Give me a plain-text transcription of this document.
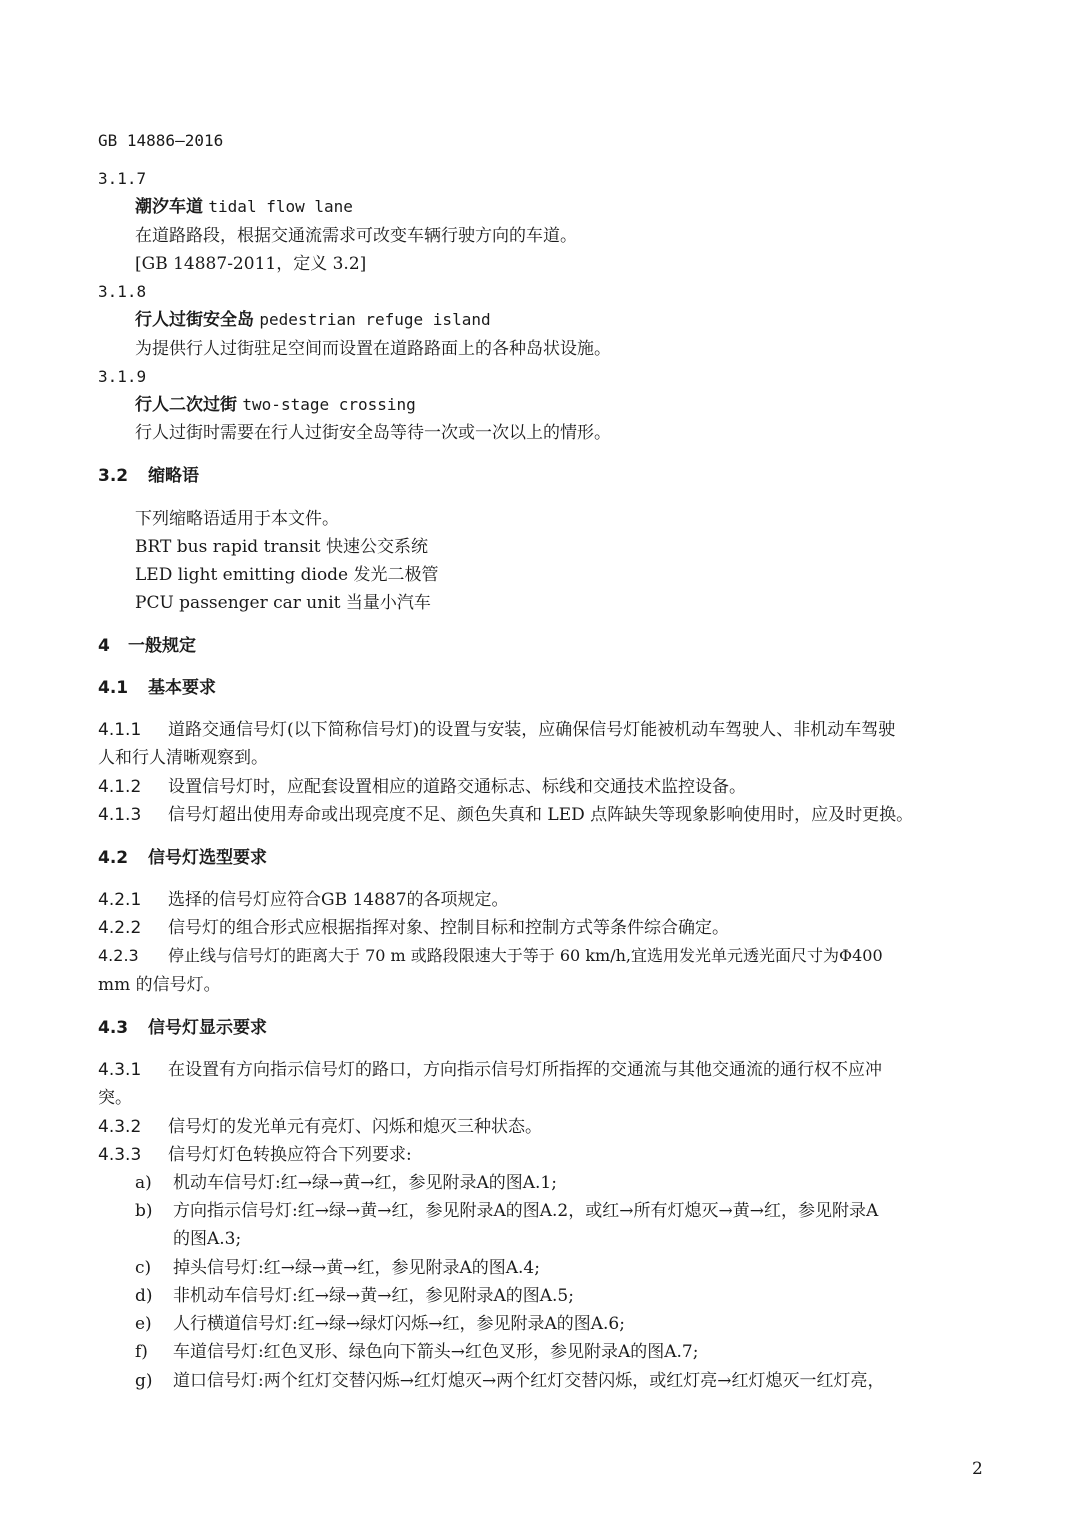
GB 14886—2016
3.1.7
潮汐车道 tidal flow lane
在道路路段，根据交通流需求可改变车辆行驶方向的车道。
[GB 14887-2011，定义 3.2]
3.1.8
行人过街安全岛 pedestrian refuge island
为提供行人过街驻足空间而设置在道路路面上的各种岛状设施。
3.1.9
行人二次过街 two-stage crossing
行人过街时需要在行人过街安全岛等待一次或一次以上的情形。
3.2 缩略语
下列缩略语适用于本文件。
BRT bus rapid transit 快速公交系统
LED light emitting diode 发光二极管
PCU passenger car unit 当量小汽车
4 一般规定
4.1 基本要求
4.1.1 道路交通信号灯(以下简称信号灯)的设置与安装，应确保信号灯能被机动车驾驶人、非机动车驾驶
人和行人清晰观察到。
4.1.2 设置信号灯时，应配套设置相应的道路交通标志、标线和交通技术监控设备。
4.1.3 信号灯超出使用寿命或出现亮度不足、颜色失真和 LED 点阵缺失等现象影响使用时，应及时更换。
4.2 信号灯选型要求
4.2.1 选择的信号灯应符合GB 14887的各项规定。
4.2.2 信号灯的组合形式应根据指挥对象、控制目标和控制方式等条件综合确定。
4.2.3 停止线与信号灯的距离大于 70 m 或路段限速大于等于 60 km/h,宜选用发光单元透光面尺寸为Φ400
mm 的信号灯。
4.3 信号灯显示要求
4.3.1 在设置有方向指示信号灯的路口，方向指示信号灯所指挥的交通流与其他交通流的通行权不应冲
突。
4.3.2 信号灯的发光单元有亮灯、闪烁和熄灭三种状态。
4.3.3 信号灯灯色转换应符合下列要求:
a) 机动车信号灯:红→绿→黄→红，参见附录A的图A.1;
b) 方向指示信号灯:红→绿→黄→红，参见附录A的图A.2，或红→所有灯熄灭→黄→红，参见附录A
的图A.3;
c) 掉头信号灯:红→绿→黄→红，参见附录A的图A.4;
d) 非机动车信号灯:红→绿→黄→红，参见附录A的图A.5;
e) 人行横道信号灯:红→绿→绿灯闪烁→红，参见附录A的图A.6;
f) 车道信号灯:红色叉形、绿色向下箭头→红色叉形，参见附录A的图A.7;
g) 道口信号灯:两个红灯交替闪烁→红灯熄灭→两个红灯交替闪烁，或红灯亮→红灯熄灭一红灯亮，
2
